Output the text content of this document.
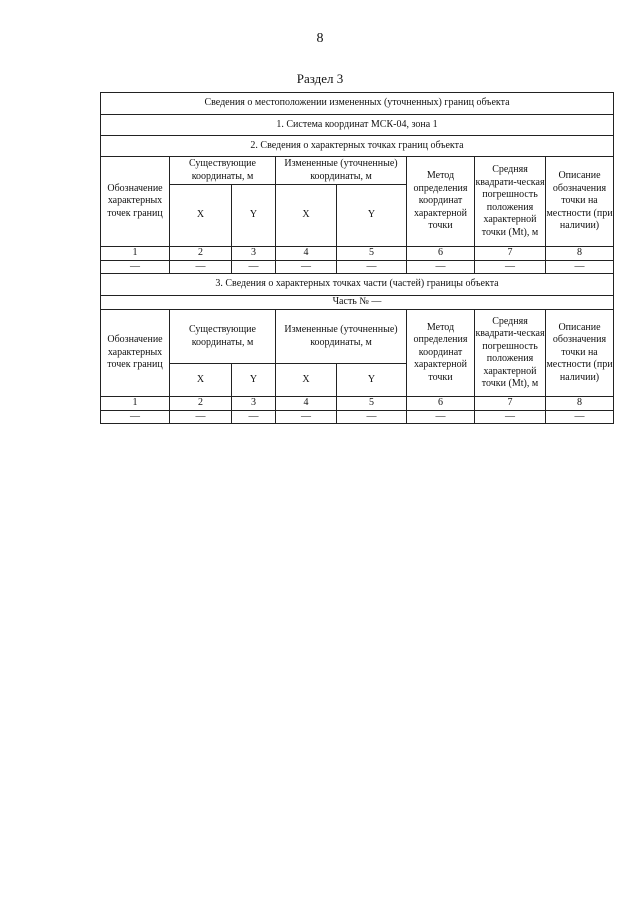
8
Раздел 3
Сведения о местоположении измененных (уточненных) границ объекта							
1. Система координат МСК-04, зона 1							
2. Сведения о характерных точках границ объекта							
Обозначение характерных точек границ	Существующие координаты, м		Измененные (уточненные) координаты, м		Метод определения координат характерной точки	Средняя квадрати-ческая погрешность положения характерной точки (Mt), м	Описание обозначения точки на местности (при наличии)
	X	Y	X	Y			
1	2	3	4	5	6	7	8
—	—	—	—	—	—	—	—
3. Сведения о характерных точках части (частей) границы объекта							
Часть № —							
Обозначение характерных точек границ	Существующие координаты, м		Измененные (уточненные) координаты, м		Метод определения координат характерной точки	Средняя квадрати-ческая погрешность положения характерной точки (Mt), м	Описание обозначения точки на местности (при наличии)
	X	Y	X	Y			
1	2	3	4	5	6	7	8
—	—	—	—	—	—	—	—
